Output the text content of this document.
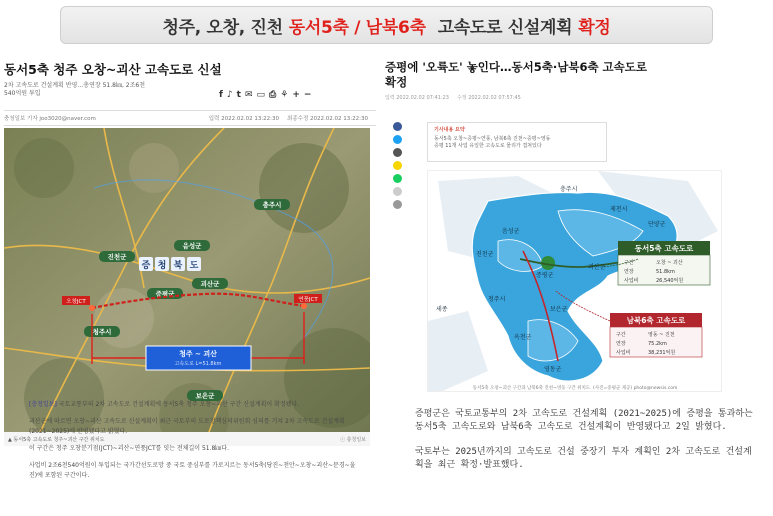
청주, 오창, 진천 동서5축 / 남북6축 고속도로 신설계획 확정
동서5축 청주 오창~괴산 고속도로 신설
2차 고속도로 건설계획 반영…총연장 51.8㎞, 2조6천
540억원 투입	f ♪ t ✉ ▭ ⎙ ⚘ + −
충청일보 기자 joo3020@naver.com	입력 2022.02.02 13:22:30 최종수정 2022.02.02 13:22:30
충주시
음성군
진천군
괴산군
증평군
청주시
보은군
증 청 북 도
오창JCT	연풍JCT
청주 ~ 괴산
고속도로 L=51.8km
▲ 동서5축 고속도로 청주~괴산 구간 위치도	ⓒ 충청일보

[충청일보] 국토교통부의 2차 고속도로 건설계획에 동서5축 청주 오창~괴산 구간 신설계획이 확정됐다.

괴산군에 따르면 오창~괴산 고속도로 신설계획이 최근 국토부의 도로정책심의위원회 심의를 거쳐 2차 고속도로 건설계획(2021~2025)에 반영됐다고 밝혔다.

이 구간은 청주 오창분기점(JCT)~괴산~연풍JCT를 잇는 전체길이 51.8㎞다.

사업비 2조6천540억원이 투입되는 국가간선도로망 중 국토 중심부를 가로지르는 동서5축(당진~천안~오창~괴산~문경~울진)에 포함된 구간이다.

증평에 '오륙도' 놓인다…동서5축·남북6축 고속도로
확정
입력 2022.02.02 07:41:23 수정 2022.02.02 07:57:45
기사내용 요약
동서5축 오창~증평~연풍, 남북6축 진천~증평~영동
증평 11개 사업 유일한 고속도로 물리가 겹쳐있다
충주시
제천시
단양군
음성군
괴산군
진천군
증평군
청주시
보은군
옥천군
영동군
세종
동서5축 고속도로
구간	오창 ~ 괴산
연장	51.8km
사업비	26,540억원
남북6축 고속도로
구간	영동 ~ 진천
연장	75.2km
사업비	38,231억원
동서5축 오창~괴산 구간과 남북6축 진천~영동 구간 위치도. (사진=증평군 제공) photo@newsis.com

증평군은 국토교통부의 2차 고속도로 건설계획 (2021~2025)에 증평을 통과하는 동서5축 고속도로와 남북6축 고속도로 건설계획이 반영됐다고 2일 밝혔다.

국토부는 2025년까지의 고속도로 건설 중장기 투자 계획인 2차 고속도로 건설계획을 최근 확정·발표했다.
